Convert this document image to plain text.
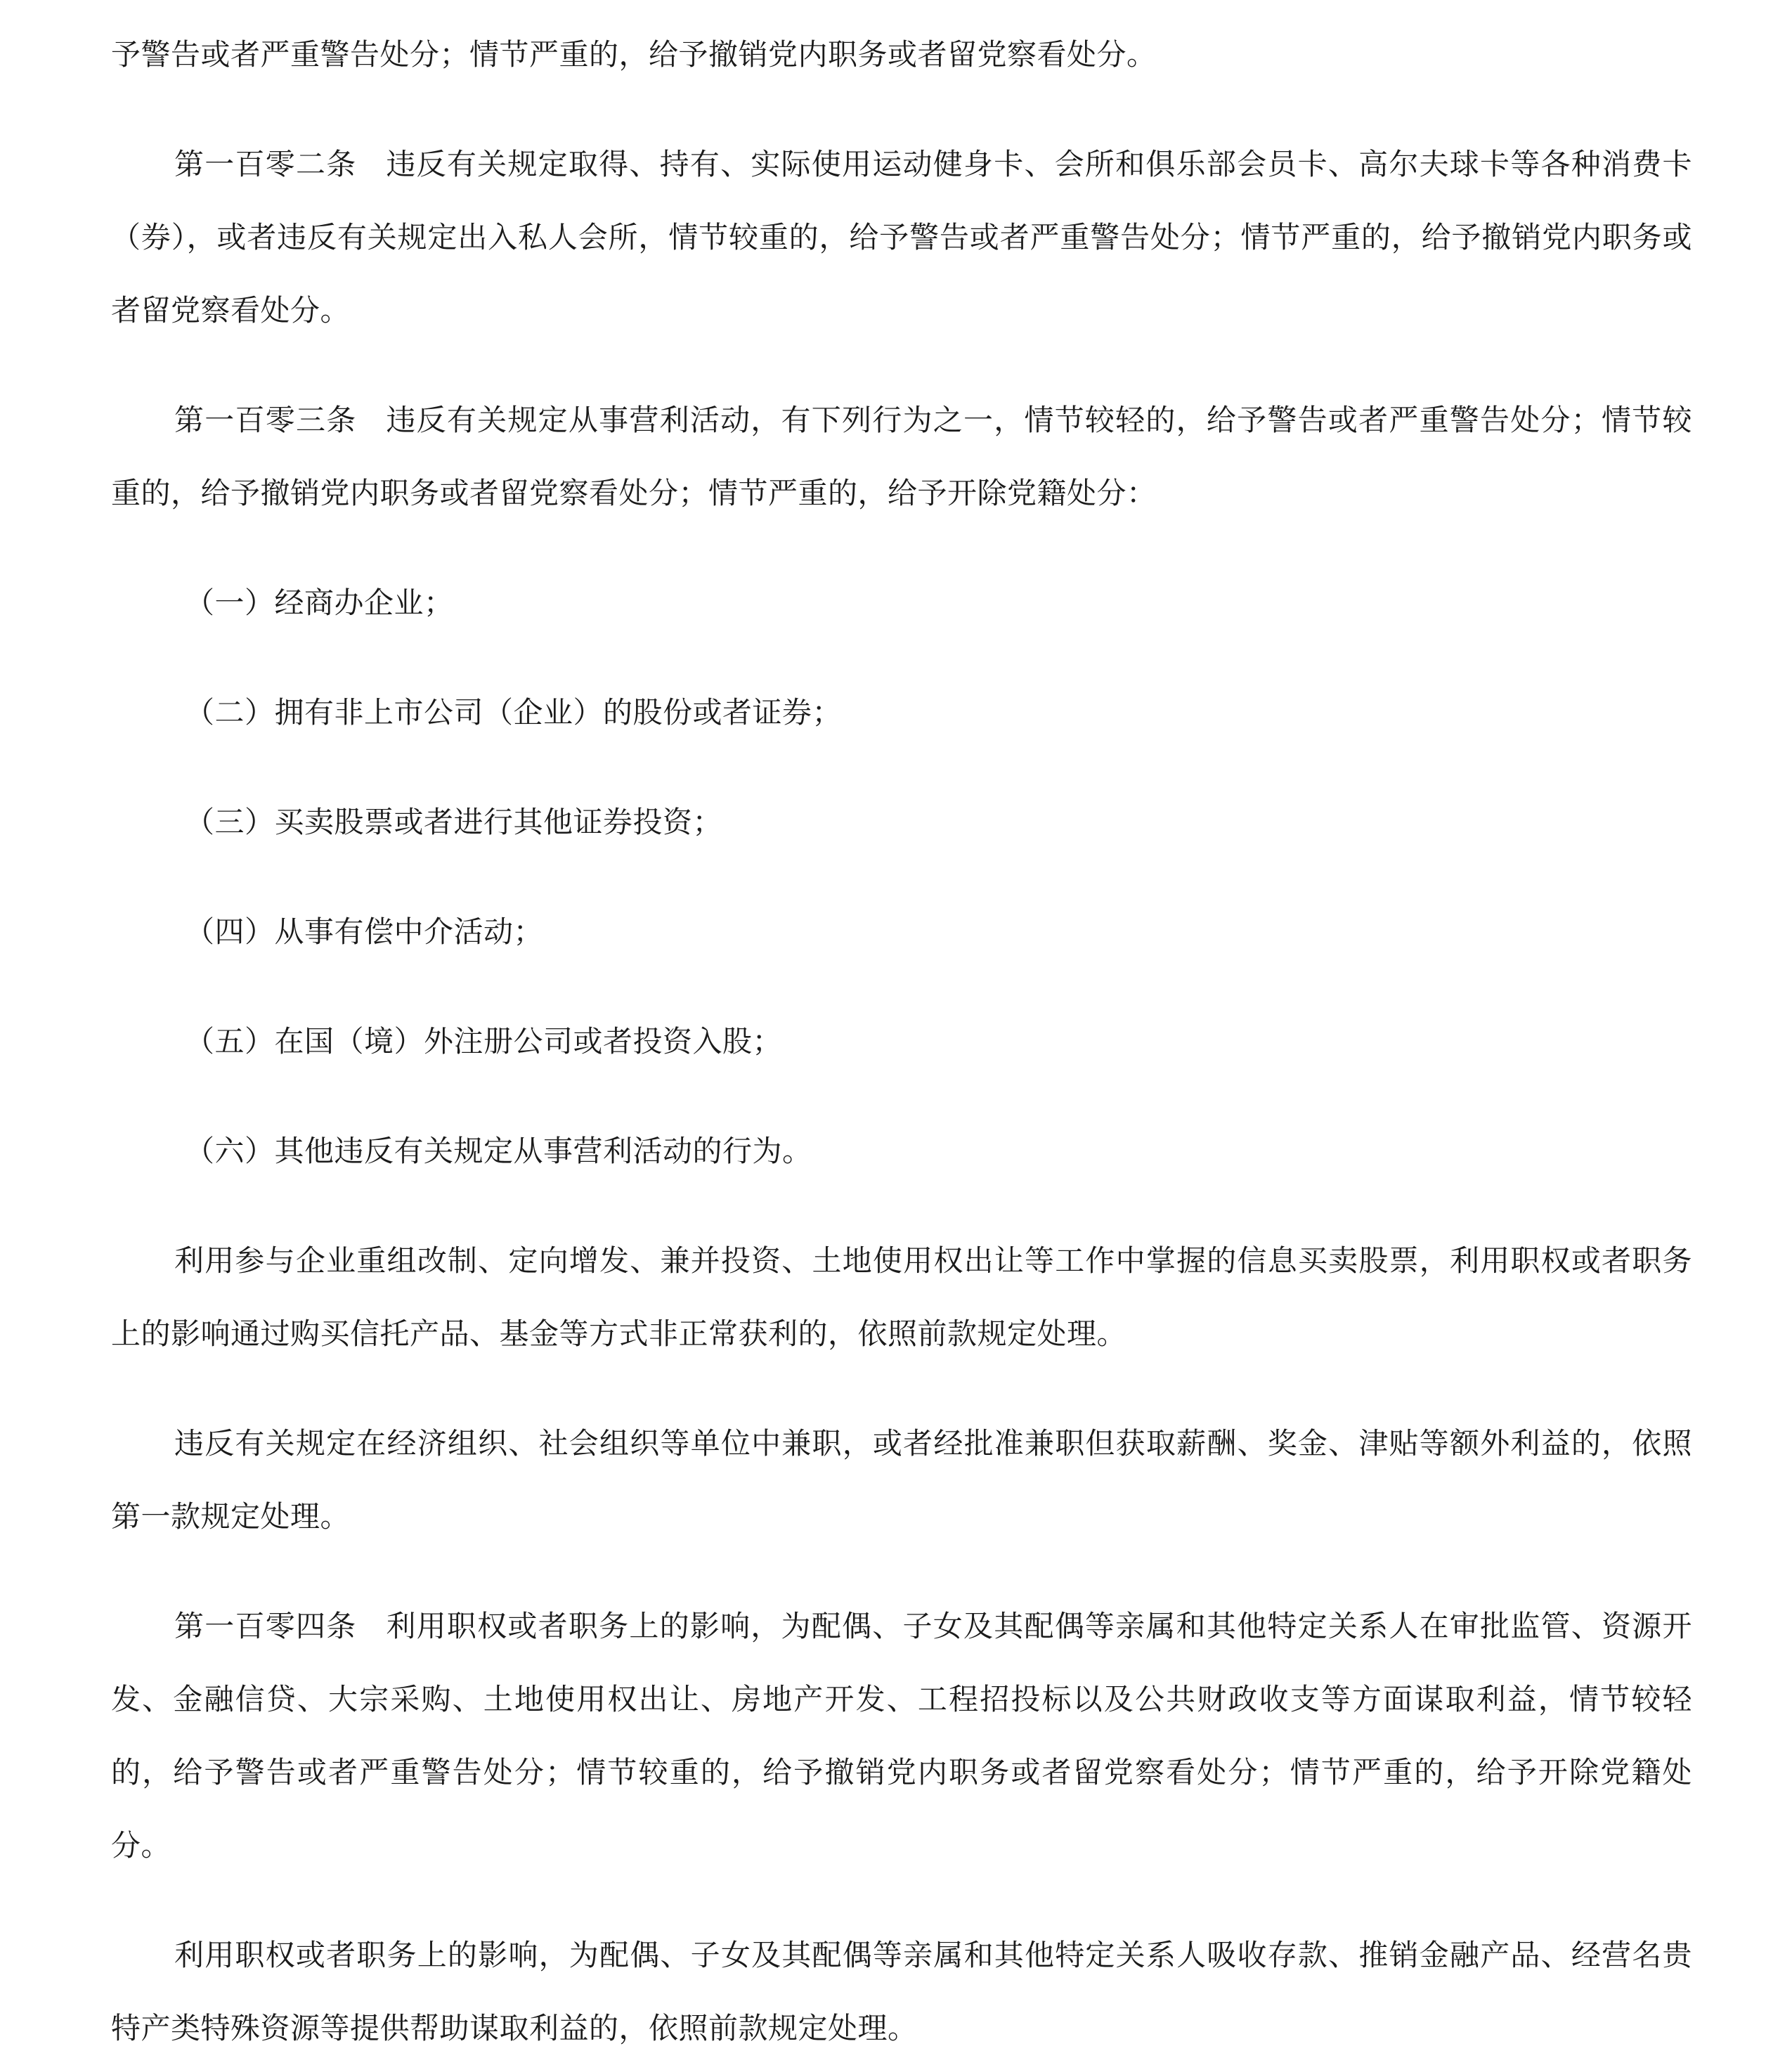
予警告或者严重警告处分；情节严重的，给予撤销党内职务或者留党察看处分。

第一百零二条 违反有关规定取得、持有、实际使用运动健身卡、会所和俱乐部会员卡、高尔夫球卡等各种消费卡（券），或者违反有关规定出入私人会所，情节较重的，给予警告或者严重警告处分；情节严重的，给予撤销党内职务或者留党察看处分。

第一百零三条 违反有关规定从事营利活动，有下列行为之一，情节较轻的，给予警告或者严重警告处分；情节较重的，给予撤销党内职务或者留党察看处分；情节严重的，给予开除党籍处分：

（一）经商办企业；

（二）拥有非上市公司（企业）的股份或者证券；

（三）买卖股票或者进行其他证券投资；

（四）从事有偿中介活动；

（五）在国（境）外注册公司或者投资入股；

（六）其他违反有关规定从事营利活动的行为。

利用参与企业重组改制、定向增发、兼并投资、土地使用权出让等工作中掌握的信息买卖股票，利用职权或者职务上的影响通过购买信托产品、基金等方式非正常获利的，依照前款规定处理。

违反有关规定在经济组织、社会组织等单位中兼职，或者经批准兼职但获取薪酬、奖金、津贴等额外利益的，依照第一款规定处理。

第一百零四条 利用职权或者职务上的影响，为配偶、子女及其配偶等亲属和其他特定关系人在审批监管、资源开发、金融信贷、大宗采购、土地使用权出让、房地产开发、工程招投标以及公共财政收支等方面谋取利益，情节较轻的，给予警告或者严重警告处分；情节较重的，给予撤销党内职务或者留党察看处分；情节严重的，给予开除党籍处分。

利用职权或者职务上的影响，为配偶、子女及其配偶等亲属和其他特定关系人吸收存款、推销金融产品、经营名贵特产类特殊资源等提供帮助谋取利益的，依照前款规定处理。
